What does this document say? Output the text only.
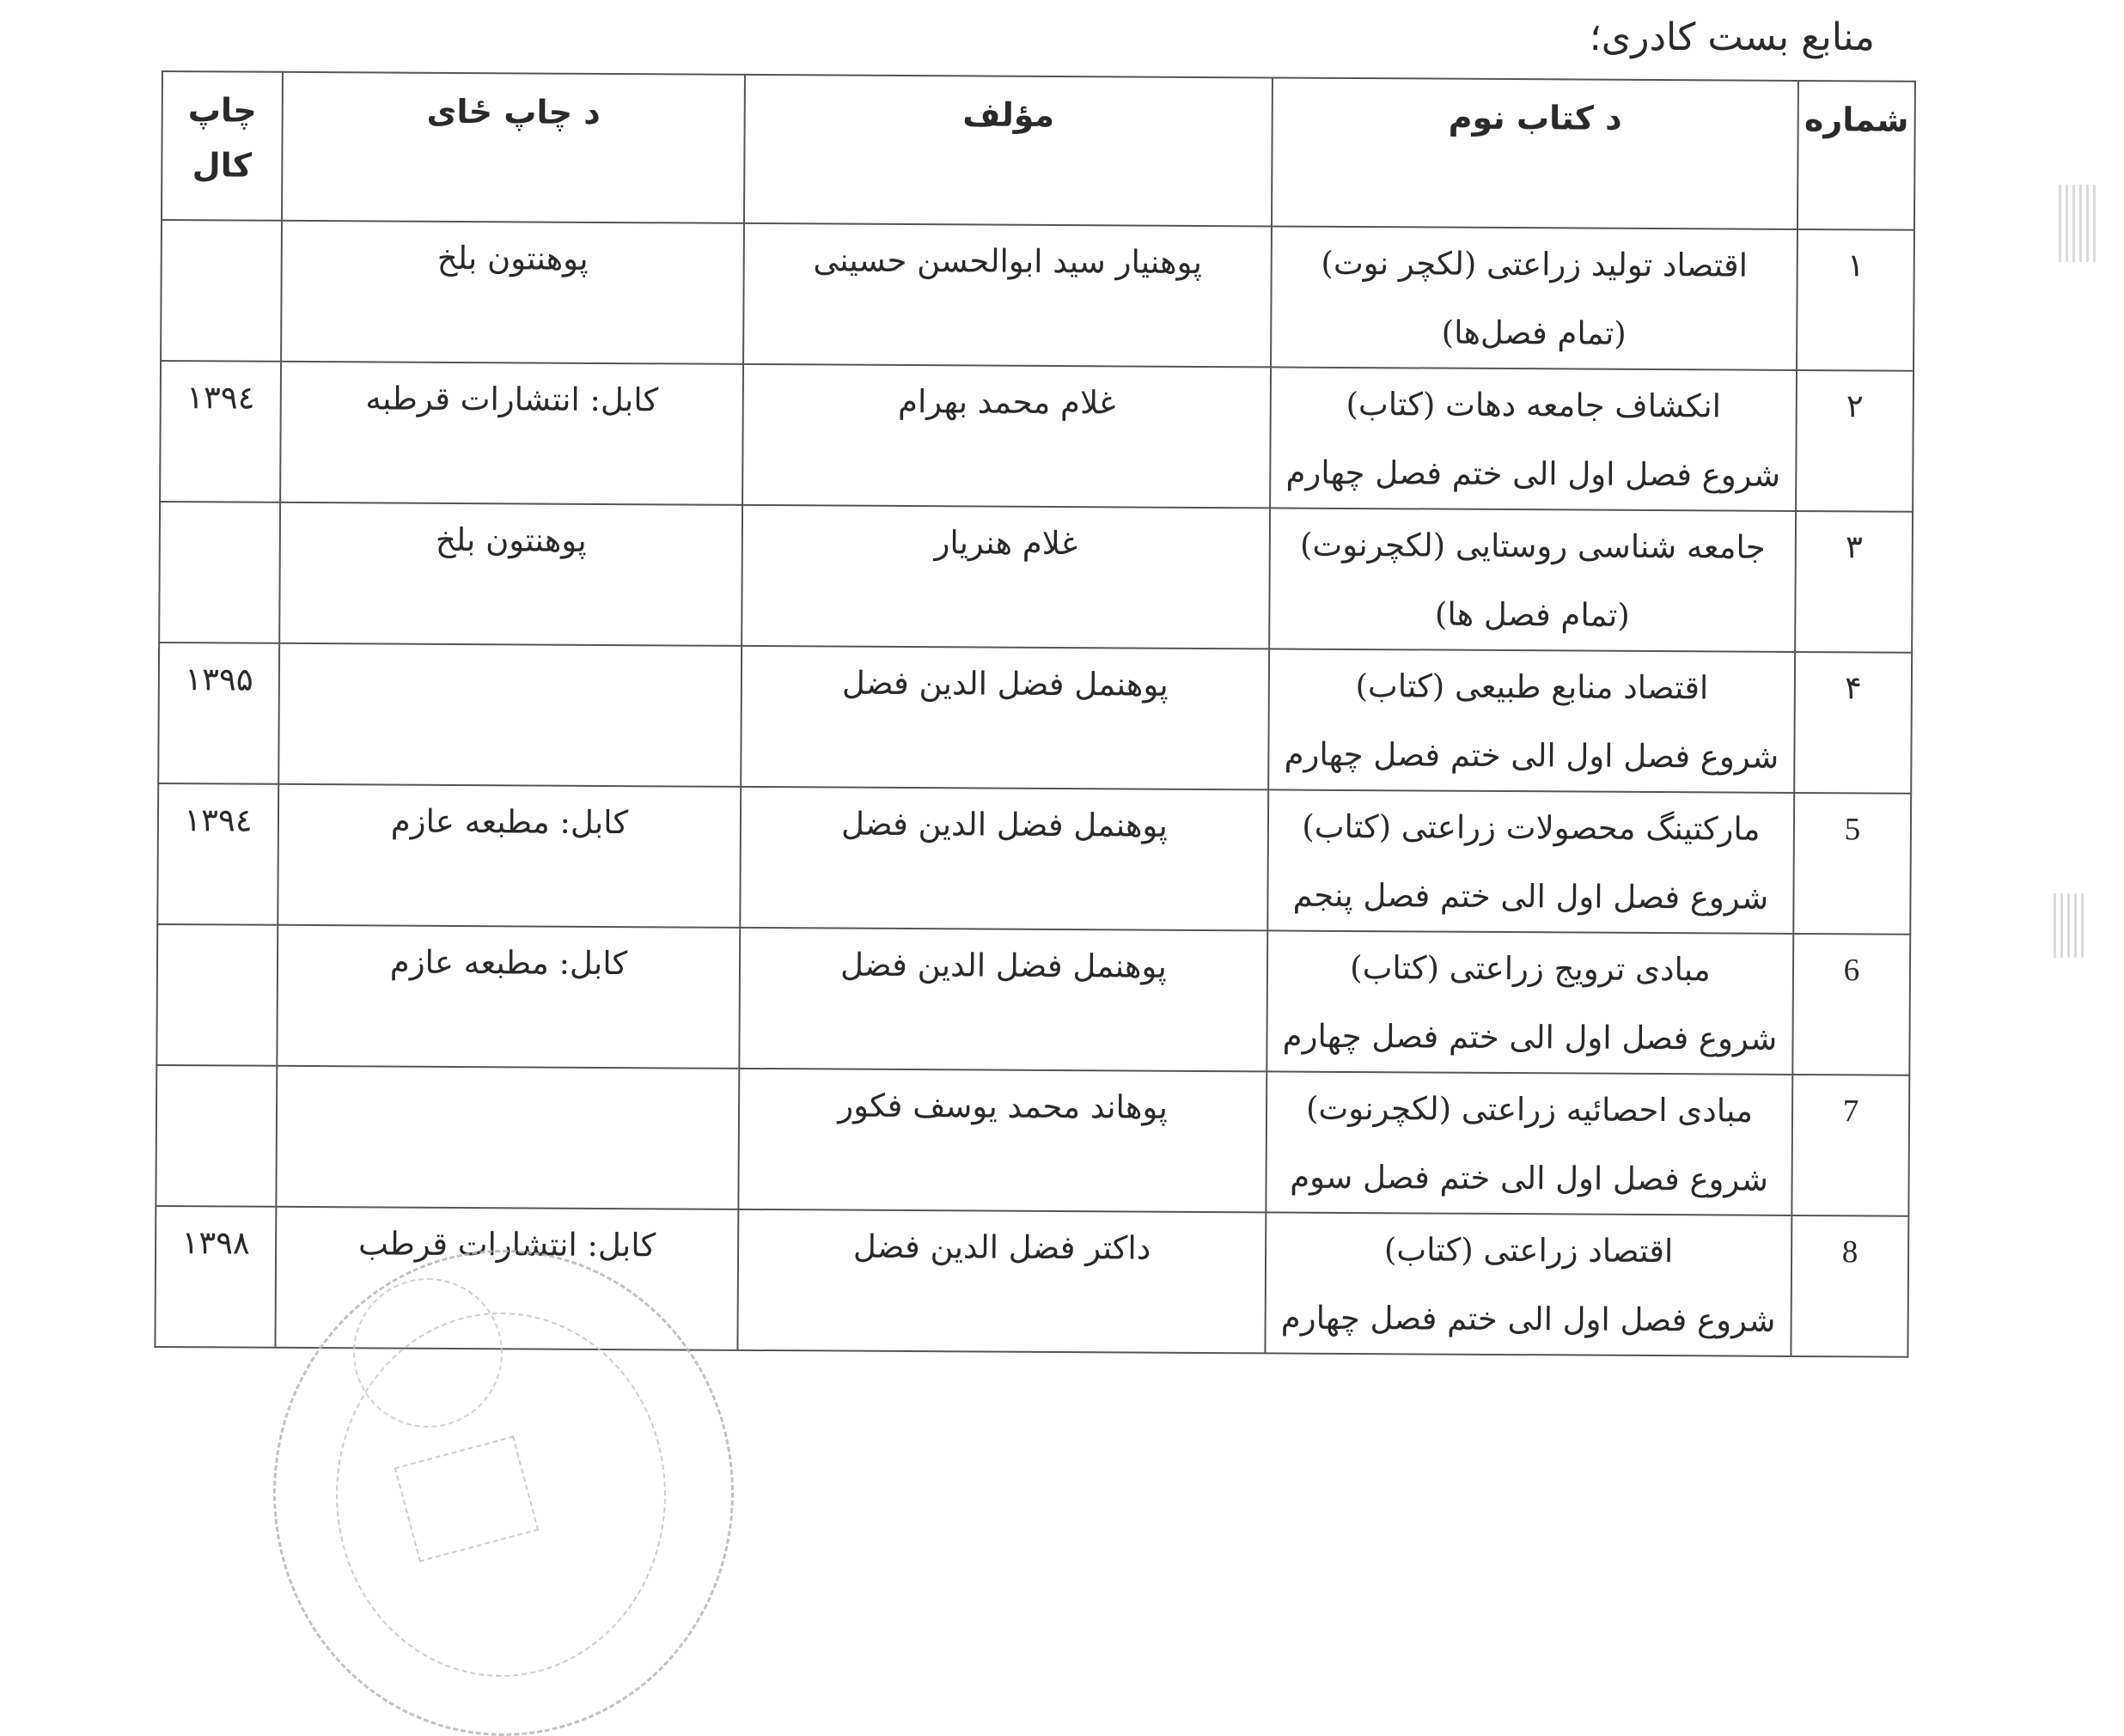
منابع بست کادری؛
شماره	د کتاب نوم	مؤلف	د چاپ ځای	چاپ
کال

۱	اقتصاد تولید زراعتی (لکچر نوت)
(تمام فصل‌ها)	پوهنیار سید ابوالحسن حسینی	پوهنتون بلخ	
۲	انکشاف جامعه دهات (کتاب)
شروع فصل اول الی ختم فصل چهارم	غلام محمد بهرام	کابل: انتشارات قرطبه	۱۳۹٤
۳	جامعه شناسی روستایی (لکچرنوت)
(تمام فصل ها)	غلام هنریار	پوهنتون بلخ	
۴	اقتصاد منابع طبیعی (کتاب)
شروع فصل اول الی ختم فصل چهارم	پوهنمل فضل الدین فضل		۱۳۹۵
5	مارکتینگ محصولات زراعتی (کتاب)
شروع فصل اول الی ختم فصل پنجم	پوهنمل فضل الدین فضل	کابل: مطبعه عازم	۱۳۹٤
6	مبادی ترویج زراعتی (کتاب)
شروع فصل اول الی ختم فصل چهارم	پوهنمل فضل الدین فضل	کابل: مطبعه عازم	
7	مبادی احصائیه زراعتی (لکچرنوت)
شروع فصل اول الی ختم فصل سوم	پوهاند محمد یوسف فکور		
8	اقتصاد زراعتی (کتاب)
شروع فصل اول الی ختم فصل چهارم	داکتر فضل الدین فضل	کابل: انتشارات قرطب	۱۳۹۸
